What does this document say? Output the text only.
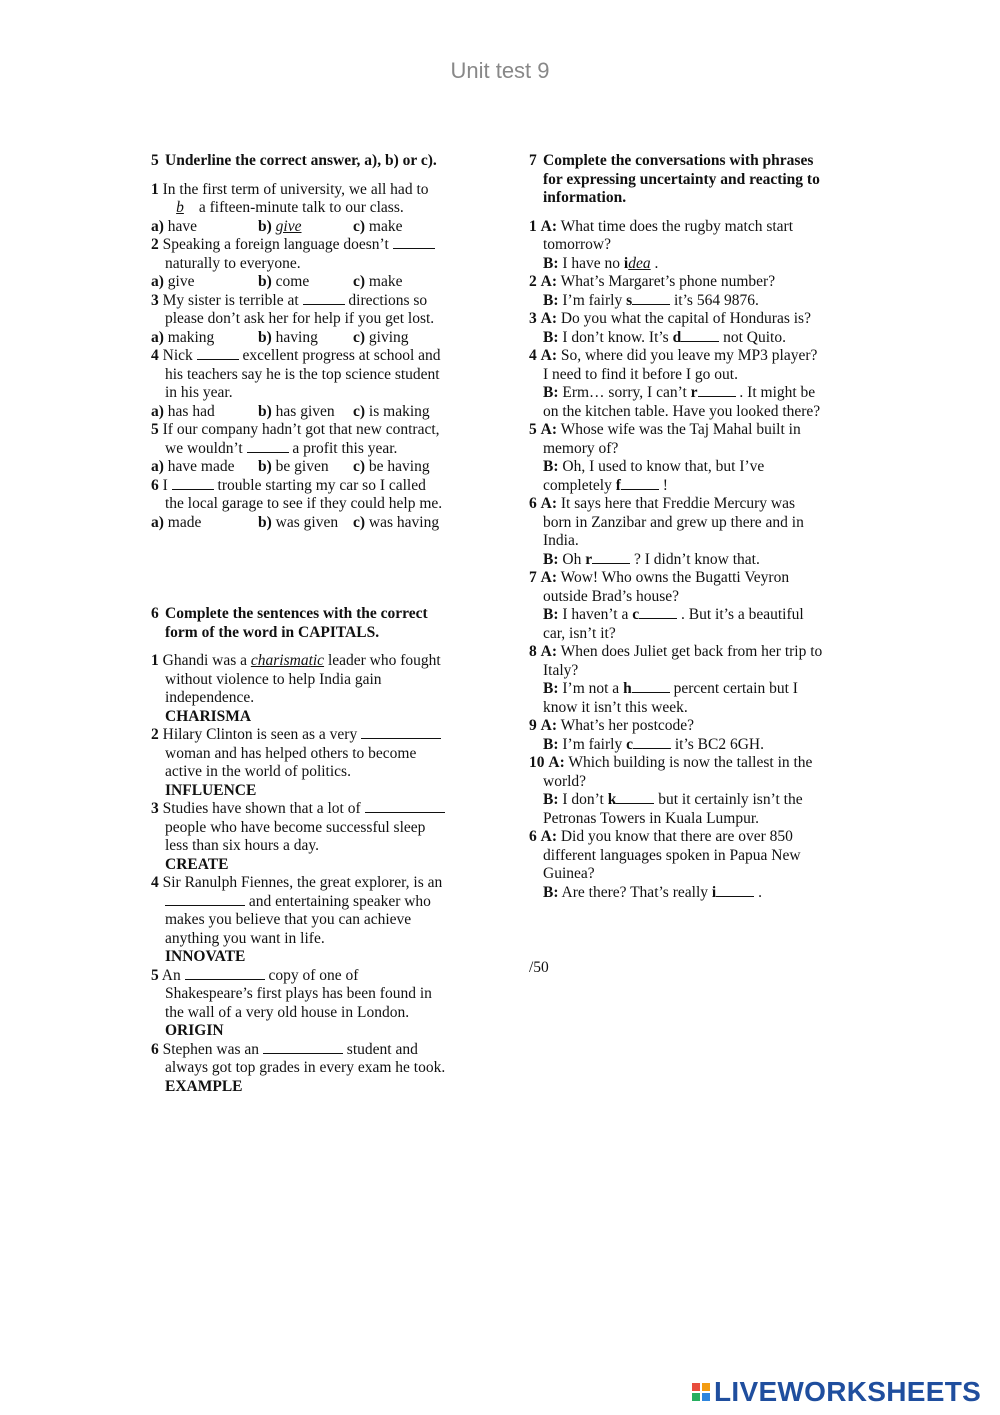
Unit test 9
5 Underline the correct answer, a), b) or c).
1 In the first term of university, we all had to
b a fifteen-minute talk to our class.
a) have	b) give	c) make
2 Speaking a foreign language doesn’t
naturally to everyone.
a) give	b) come	c) make
3 My sister is terrible at	directions so
please don’t ask her for help if you get lost.
a) making	b) having	c) giving
4 Nick	excellent progress at school and
his teachers say he is the top science student
in his year.
a) has had	b) has given	c) is making
5 If our company hadn’t got that new contract,
we wouldn’t	a profit this year.
a) have made	b) be given	c) be having
6 I	trouble starting my car so I called
the local garage to see if they could help me.
a) made	b) was given c) was having
6 Complete the sentences with the correct
form of the word in CAPITALS.
1 Ghandi was a charismatic leader who fought
without violence to help India gain
independence.
CHARISMA
2 Hilary Clinton is seen as a very
woman and has helped others to become
active in the world of politics.
INFLUENCE
3 Studies have shown that a lot of
people who have become successful sleep
less than six hours a day.
CREATE
4 Sir Ranulph Fiennes, the great explorer, is an
and entertaining speaker who
makes you believe that you can achieve
anything you want in life.
INNOVATE
5 An	copy of one of
Shakespeare’s first plays has been found in
the wall of a very old house in London.
ORIGIN
6 Stephen was an	student and
always got top grades in every exam he took.
EXAMPLE
7 Complete the conversations with phrases
for expressing uncertainty and reacting to
information.
1 A: What time does the rugby match start
tomorrow?
B: I have no idea .
2 A: What’s Margaret’s phone number?
B: I’m fairly s	it’s 564 9876.
3 A: Do you what the capital of Honduras is?
B: I don’t know. It’s d	not Quito.
4 A: So, where did you leave my MP3 player?
I need to find it before I go out.
B: Erm… sorry, I can’t r	. It might be
on the kitchen table. Have you looked there?
5 A: Whose wife was the Taj Mahal built in
memory of?
B: Oh, I used to know that, but I’ve
completely f	!
6 A: It says here that Freddie Mercury was
born in Zanzibar and grew up there and in
India.
B: Oh r	? I didn’t know that.
7 A: Wow! Who owns the Bugatti Veyron
outside Brad’s house?
B: I haven’t a c	. But it’s a beautiful
car, isn’t it?
8 A: When does Juliet get back from her trip to
Italy?
B: I’m not a h	percent certain but I
know it isn’t this week.
9 A: What’s her postcode?
B: I’m fairly c	it’s BC2 6GH.
10 A: Which building is now the tallest in the
world?
B: I don’t k	but it certainly isn’t the
Petronas Towers in Kuala Lumpur.
6 A: Did you know that there are over 850
different languages spoken in Papua New
Guinea?
B: Are there? That’s really i	.
/50
LIVEWORKSHEETS
